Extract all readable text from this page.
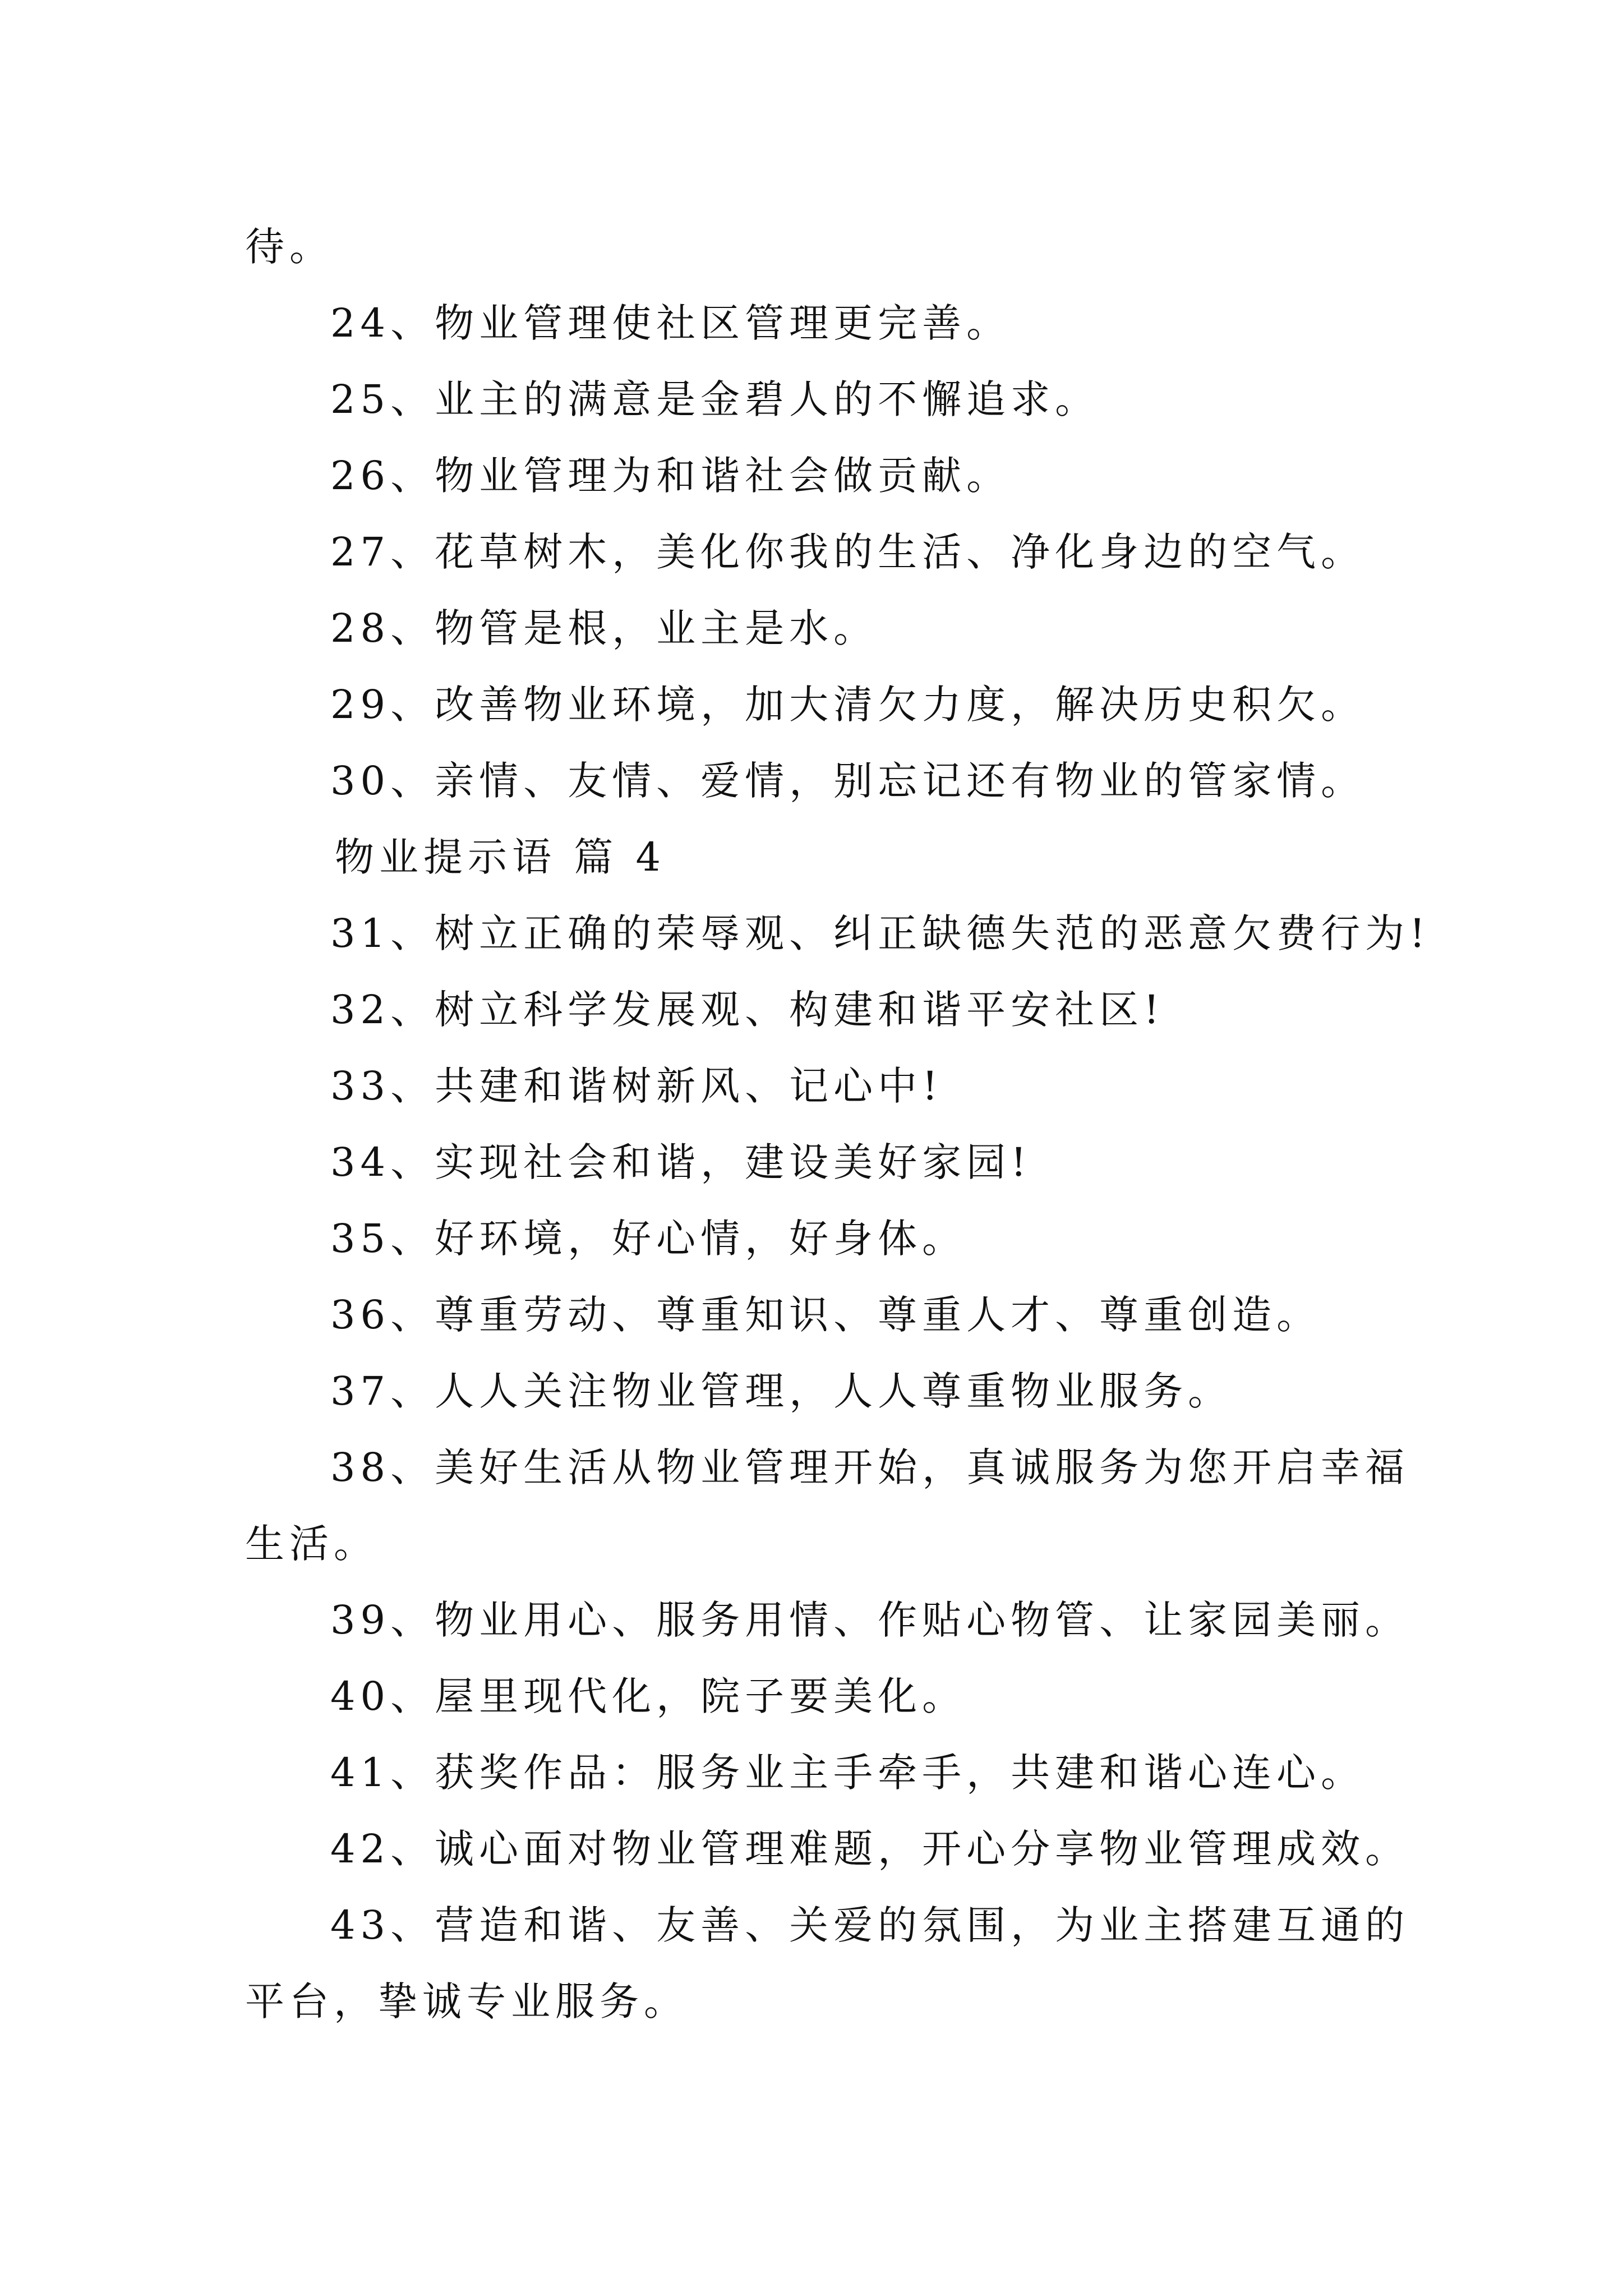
待。
24、物业管理使社区管理更完善。
25、业主的满意是金碧人的不懈追求。
26、物业管理为和谐社会做贡献。
27、花草树木，美化你我的生活、净化身边的空气。
28、物管是根，业主是水。
29、改善物业环境，加大清欠力度，解决历史积欠。
30、亲情、友情、爱情，别忘记还有物业的管家情。
物业提示语 篇 4
31、树立正确的荣辱观、纠正缺德失范的恶意欠费行为!
32、树立科学发展观、构建和谐平安社区!
33、共建和谐树新风、记心中!
34、实现社会和谐，建设美好家园!
35、好环境，好心情，好身体。
36、尊重劳动、尊重知识、尊重人才、尊重创造。
37、人人关注物业管理，人人尊重物业服务。
38、美好生活从物业管理开始，真诚服务为您开启幸福
生活。
39、物业用心、服务用情、作贴心物管、让家园美丽。
40、屋里现代化，院子要美化。
41、获奖作品：服务业主手牵手，共建和谐心连心。
42、诚心面对物业管理难题，开心分享物业管理成效。
43、营造和谐、友善、关爱的氛围，为业主搭建互通的
平台，挚诚专业服务。
